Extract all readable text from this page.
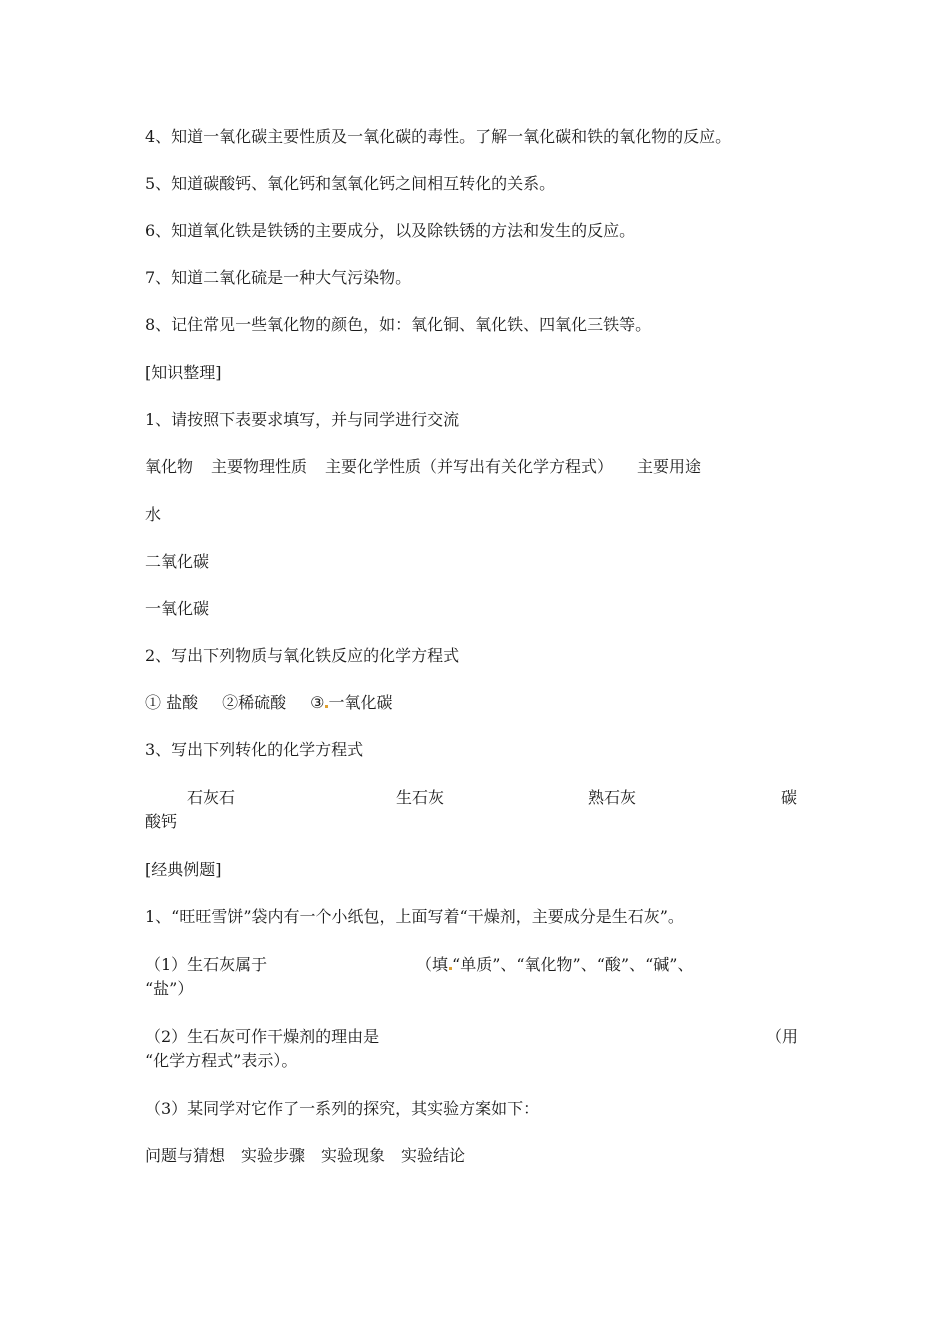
4、知道一氧化碳主要性质及一氧化碳的毒性。了解一氧化碳和铁的氧化物的反应。
5、知道碳酸钙、氧化钙和氢氧化钙之间相互转化的关系。
6、知道氧化铁是铁锈的主要成分，以及除铁锈的方法和发生的反应。
7、知道二氧化硫是一种大气污染物。
8、记住常见一些氧化物的颜色，如：氧化铜、氧化铁、四氧化三铁等。
[知识整理]
1、请按照下表要求填写，并与同学进行交流
氧化物 主要物理性质 主要化学性质（并写出有关化学方程式） 主要用途
水
二氧化碳
一氧化碳
2、写出下列物质与氧化铁反应的化学方程式
① 盐酸 ②稀硫酸 ③ 一氧化碳
3、写出下列转化的化学方程式
石灰石	生石灰	熟石灰	碳
酸钙
[经典例题]
1、“旺旺雪饼”袋内有一个小纸包，上面写着“干燥剂，主要成分是生石灰”。
（1）生石灰属于	（填 “单质”、“氧化物”、“酸”、“碱”、
“盐”）
（2）生石灰可作干燥剂的理由是	（用
“化学方程式”表示）。
（3）某同学对它作了一系列的探究，其实验方案如下：
问题与猜想 实验步骤 实验现象 实验结论
